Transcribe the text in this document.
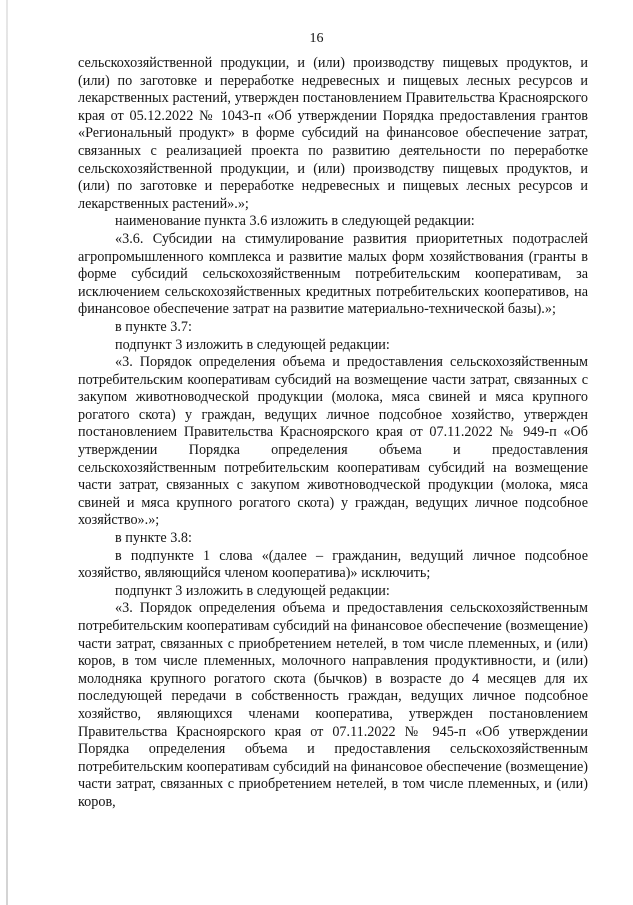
16

сельскохозяйственной продукции, и (или) производству пищевых продуктов, и (или) по заготовке и переработке недревесных и пищевых лесных ресурсов и лекарственных растений, утвержден постановлением Правительства Красноярского края от 05.12.2022 № 1043-п «Об утверждении Порядка предоставления грантов «Региональный продукт» в форме субсидий на финансовое обеспечение затрат, связанных с реализацией проекта по развитию деятельности по переработке сельскохозяйственной продукции, и (или) производству пищевых продуктов, и (или) по заготовке и переработке недревесных и пищевых лесных ресурсов и лекарственных растений».»;

наименование пункта 3.6 изложить в следующей редакции:

«3.6. Субсидии на стимулирование развития приоритетных подотраслей агропромышленного комплекса и развитие малых форм хозяйствования (гранты в форме субсидий сельскохозяйственным потребительским кооперативам, за исключением сельскохозяйственных кредитных потребительских кооперативов, на финансовое обеспечение затрат на развитие материально-технической базы).»;

в пункте 3.7:

подпункт 3 изложить в следующей редакции:

«3. Порядок определения объема и предоставления сельскохозяйственным потребительским кооперативам субсидий на возмещение части затрат, связанных с закупом животноводческой продукции (молока, мяса свиней и мяса крупного рогатого скота) у граждан, ведущих личное подсобное хозяйство, утвержден постановлением Правительства Красноярского края от 07.11.2022 № 949-п «Об утверждении Порядка определения объема и предоставления сельскохозяйственным потребительским кооперативам субсидий на возмещение части затрат, связанных с закупом животноводческой продукции (молока, мяса свиней и мяса крупного рогатого скота) у граждан, ведущих личное подсобное хозяйство».»;

в пункте 3.8:

в подпункте 1 слова «(далее – гражданин, ведущий личное подсобное хозяйство, являющийся членом кооператива)» исключить;

подпункт 3 изложить в следующей редакции:

«3. Порядок определения объема и предоставления сельскохозяйственным потребительским кооперативам субсидий на финансовое обеспечение (возмещение) части затрат, связанных с приобретением нетелей, в том числе племенных, и (или) коров, в том числе племенных, молочного направления продуктивности, и (или) молодняка крупного рогатого скота (бычков) в возрасте до 4 месяцев для их последующей передачи в собственность граждан, ведущих личное подсобное хозяйство, являющихся членами кооператива, утвержден постановлением Правительства Красноярского края от 07.11.2022 № 945-п «Об утверждении Порядка определения объема и предоставления сельскохозяйственным потребительским кооперативам субсидий на финансовое обеспечение (возмещение) части затрат, связанных с приобретением нетелей, в том числе племенных, и (или) коров,
